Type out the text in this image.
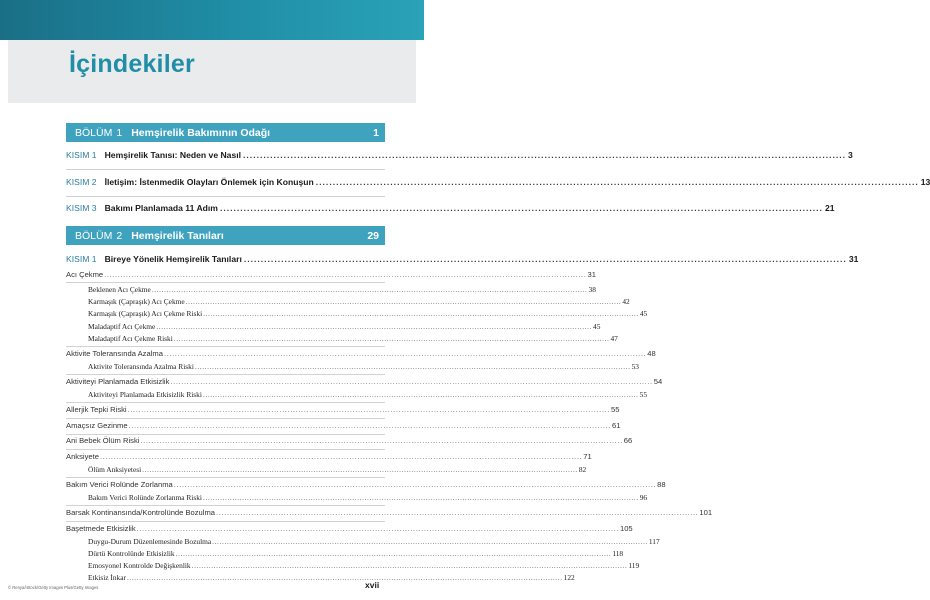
İçindekiler
BÖLÜM 1 Hemşirelik Bakımının Odağı	1
KISIM 1 Hemşirelik Tanısı: Neden ve Nasıl .................................................................................................................................................................................. 3
KISIM 2 İletişim: İstenmedik Olayları Önlemek için Konuşun .................................................................................................................................................................................. 13
KISIM 3 Bakımı Planlamada 11 Adım .................................................................................................................................................................................. 21
BÖLÜM 2 Hemşirelik Tanıları	29
KISIM 1 Bireye Yönelik Hemşirelik Tanıları .................................................................................................................................................................................. 31
Acı Çekme .................................................................................................................................................................................. 31
Beklenen Acı Çekme .................................................................................................................................................................................. 38
Karmaşık (Çapraşık) Acı Çekme .................................................................................................................................................................................. 42
Karmaşık (Çapraşık) Acı Çekme Riski .................................................................................................................................................................................. 45
Maladaptif Acı Çekme .................................................................................................................................................................................. 45
Maladaptif Acı Çekme Riski .................................................................................................................................................................................. 47
Aktivite Toleransında Azalma .................................................................................................................................................................................. 48
Aktivite Toleransında Azalma Riski .................................................................................................................................................................................. 53
Aktiviteyi Planlamada Etkisizlik .................................................................................................................................................................................. 54
Aktiviteyi Planlamada Etkisizlik Riski .................................................................................................................................................................................. 55
Allerjik Tepki Riski .................................................................................................................................................................................. 55
Amaçsız Gezinme .................................................................................................................................................................................. 61
Ani Bebek Ölüm Riski .................................................................................................................................................................................. 66
Anksiyete .................................................................................................................................................................................. 71
Ölüm Anksiyetesi .................................................................................................................................................................................. 82
Bakım Verici Rolünde Zorlanma .................................................................................................................................................................................. 88
Bakım Verici Rolünde Zorlanma Riski .................................................................................................................................................................................. 96
Barsak Kontinansında/Kontrolünde Bozulma .................................................................................................................................................................................. 101
Başetmede Etkisizlik .................................................................................................................................................................................. 105
Duygu-Durum Düzenlemesinde Bozulma .................................................................................................................................................................................. 117
Dürtü Kontrolünde Etkisizlik .................................................................................................................................................................................. 118
Emosyonel Kontrolde Değişkenlik .................................................................................................................................................................................. 119
Etkisiz İnkar .................................................................................................................................................................................. 122
© Renya/iStock/Getty Images Plus/Getty Images	xvii
